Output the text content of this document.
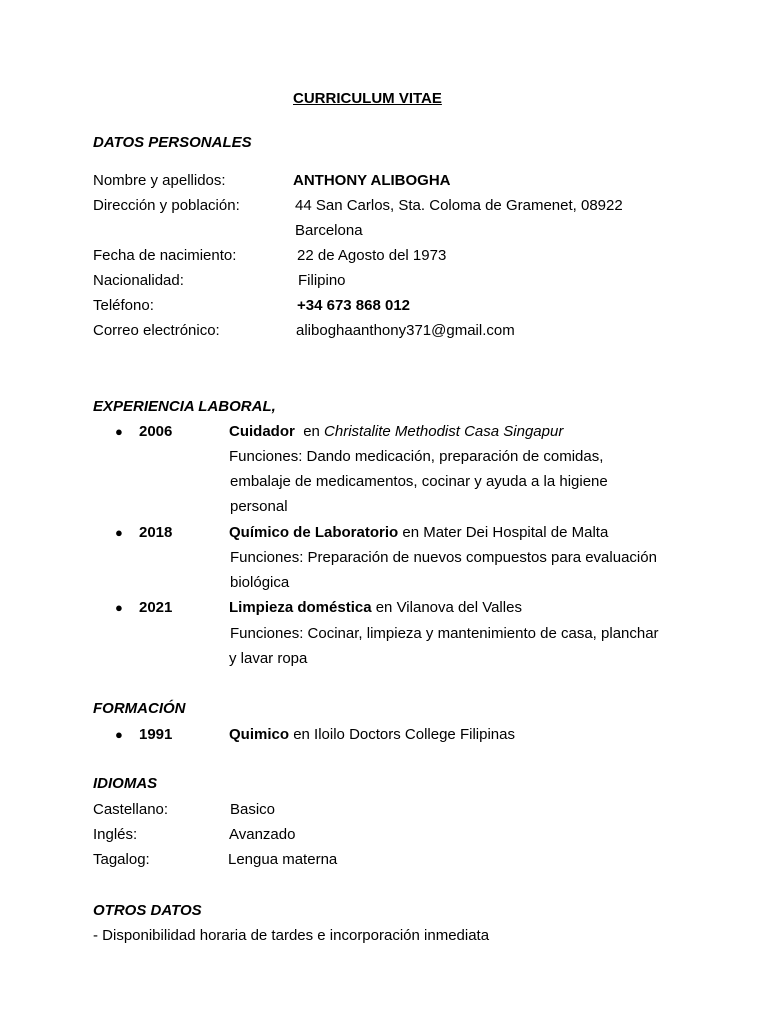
CURRICULUM VITAE
DATOS PERSONALES
Nombre y apellidos:	ANTHONY ALIBOGHA
Dirección y población:	44 San Carlos, Sta. Coloma de Gramenet, 08922
Barcelona
Fecha de nacimiento:	22 de Agosto del 1973
Nacionalidad:	Filipino
Teléfono:	+34 673 868 012
Correo electrónico:	aliboghaanthony371@gmail.com
EXPERIENCIA LABORAL,
● 2006	Cuidador en Christalite Methodist Casa Singapur
Funciones: Dando medicación, preparación de comidas,
embalaje de medicamentos, cocinar y ayuda a la higiene
personal
● 2018	Químico de Laboratorio en Mater Dei Hospital de Malta
Funciones: Preparación de nuevos compuestos para evaluación
biológica
● 2021	Limpieza doméstica en Vilanova del Valles
Funciones: Cocinar, limpieza y mantenimiento de casa, planchar
y lavar ropa
FORMACIÓN
● 1991	Quimico en Iloilo Doctors College Filipinas
IDIOMAS
Castellano:	Basico
Inglés:	Avanzado
Tagalog:	Lengua materna
OTROS DATOS
- Disponibilidad horaria de tardes e incorporación inmediata
